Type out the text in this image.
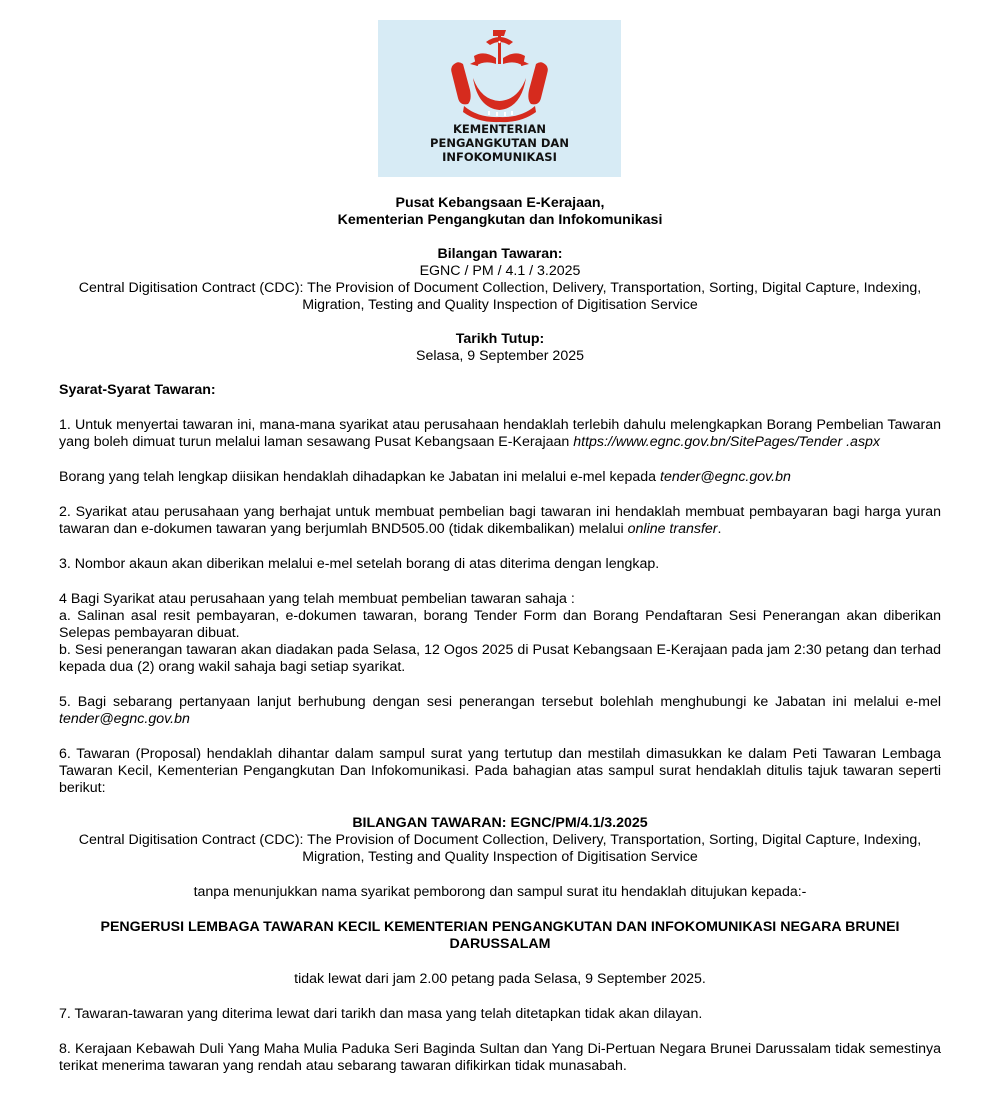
KEMENTERIAN
PENGANGKUTAN DAN
INFOKOMUNIKASI

Pusat Kebangsaan E-Kerajaan,

Kementerian Pengangkutan dan Infokomunikasi

Bilangan Tawaran:

EGNC / PM / 4.1 / 3.2025

Central Digitisation Contract (CDC): The Provision of Document Collection, Delivery, Transportation, Sorting, Digital Capture, Indexing, Migration, Testing and Quality Inspection of Digitisation Service

Tarikh Tutup:

Selasa, 9 September 2025

Syarat-Syarat Tawaran:

1. Untuk menyertai tawaran ini, mana-mana syarikat atau perusahaan hendaklah terlebih dahulu melengkapkan Borang Pembelian Tawaran yang boleh dimuat turun melalui laman sesawang Pusat Kebangsaan E-Kerajaan https://www.egnc.gov.bn/SitePages/Tender .aspx

Borang yang telah lengkap diisikan hendaklah dihadapkan ke Jabatan ini melalui e-mel kepada tender@egnc.gov.bn

2. Syarikat atau perusahaan yang berhajat untuk membuat pembelian bagi tawaran ini hendaklah membuat pembayaran bagi harga yuran tawaran dan e-dokumen tawaran yang berjumlah BND505.00 (tidak dikembalikan) melalui online transfer.

3. Nombor akaun akan diberikan melalui e-mel setelah borang di atas diterima dengan lengkap.

4 Bagi Syarikat atau perusahaan yang telah membuat pembelian tawaran sahaja :

a. Salinan asal resit pembayaran, e-dokumen tawaran, borang Tender Form dan Borang Pendaftaran Sesi Penerangan akan diberikan Selepas pembayaran dibuat.

b. Sesi penerangan tawaran akan diadakan pada Selasa, 12 Ogos 2025 di Pusat Kebangsaan E-Kerajaan pada jam 2:30 petang dan terhad kepada dua (2) orang wakil sahaja bagi setiap syarikat.

5. Bagi sebarang pertanyaan lanjut berhubung dengan sesi penerangan tersebut bolehlah menghubungi ke Jabatan ini melalui e-mel tender@egnc.gov.bn

6. Tawaran (Proposal) hendaklah dihantar dalam sampul surat yang tertutup dan mestilah dimasukkan ke dalam Peti Tawaran Lembaga Tawaran Kecil, Kementerian Pengangkutan Dan Infokomunikasi. Pada bahagian atas sampul surat hendaklah ditulis tajuk tawaran seperti berikut:

BILANGAN TAWARAN: EGNC/PM/4.1/3.2025

Central Digitisation Contract (CDC): The Provision of Document Collection, Delivery, Transportation, Sorting, Digital Capture, Indexing, Migration, Testing and Quality Inspection of Digitisation Service

tanpa menunjukkan nama syarikat pemborong dan sampul surat itu hendaklah ditujukan kepada:-

PENGERUSI LEMBAGA TAWARAN KECIL KEMENTERIAN PENGANGKUTAN DAN INFOKOMUNIKASI NEGARA BRUNEI DARUSSALAM

tidak lewat dari jam 2.00 petang pada Selasa, 9 September 2025.

7. Tawaran-tawaran yang diterima lewat dari tarikh dan masa yang telah ditetapkan tidak akan dilayan.

8. Kerajaan Kebawah Duli Yang Maha Mulia Paduka Seri Baginda Sultan dan Yang Di-Pertuan Negara Brunei Darussalam tidak semestinya terikat menerima tawaran yang rendah atau sebarang tawaran difikirkan tidak munasabah.
